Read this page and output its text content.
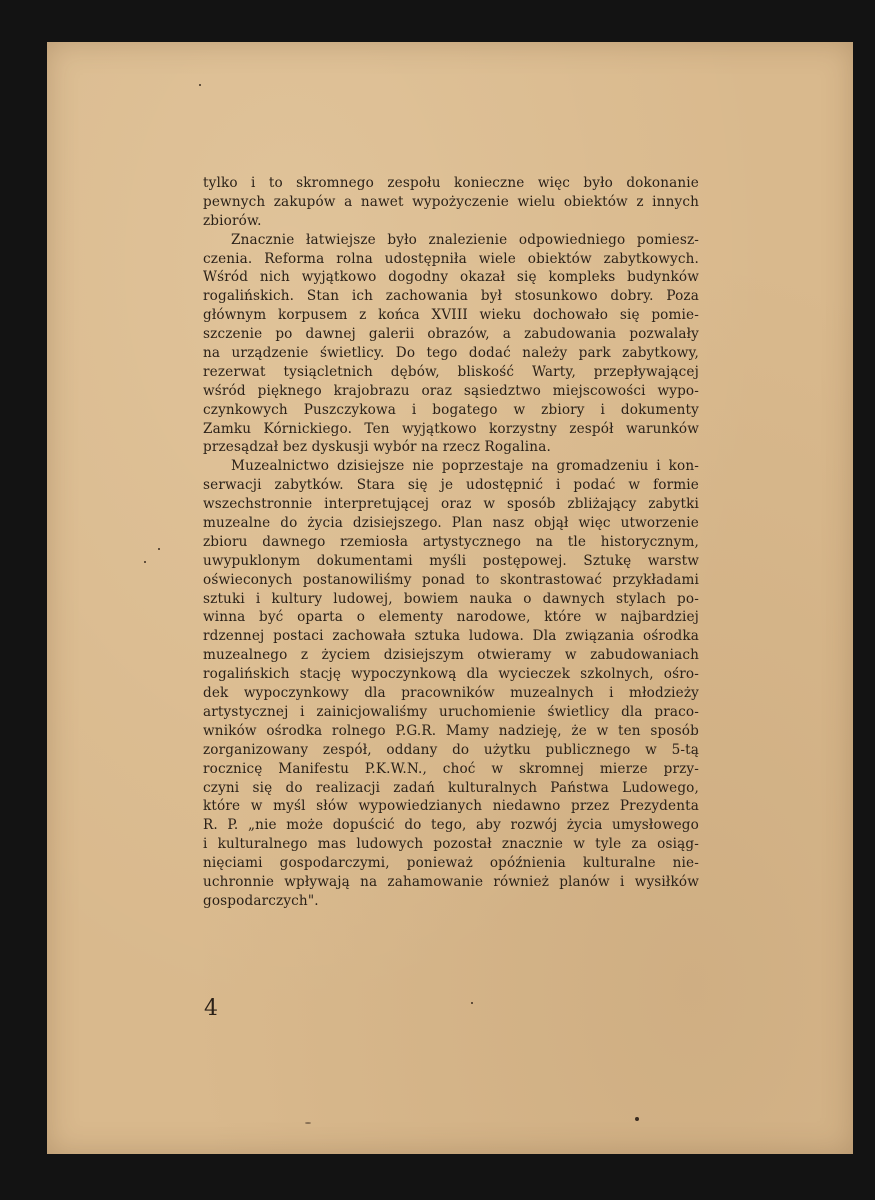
tylko i to skromnego zespołu konieczne więc było dokonanie
pewnych zakupów a nawet wypożyczenie wielu obiektów z innych
zbiorów.
Znacznie łatwiejsze było znalezienie odpowiedniego pomiesz-
czenia. Reforma rolna udostępniła wiele obiektów zabytkowych.
Wśród nich wyjątkowo dogodny okazał się kompleks budynków
rogalińskich. Stan ich zachowania był stosunkowo dobry. Poza
głównym korpusem z końca XVIII wieku dochowało się pomie-
szczenie po dawnej galerii obrazów, a zabudowania pozwalały
na urządzenie świetlicy. Do tego dodać należy park zabytkowy,
rezerwat tysiącletnich dębów, bliskość Warty, przepływającej
wśród pięknego krajobrazu oraz sąsiedztwo miejscowości wypo-
czynkowych Puszczykowa i bogatego w zbiory i dokumenty
Zamku Kórnickiego. Ten wyjątkowo korzystny zespół warunków
przesądzał bez dyskusji wybór na rzecz Rogalina.
Muzealnictwo dzisiejsze nie poprzestaje na gromadzeniu i kon-
serwacji zabytków. Stara się je udostępnić i podać w formie
wszechstronnie interpretującej oraz w sposób zbliżający zabytki
muzealne do życia dzisiejszego. Plan nasz objął więc utworzenie
zbioru dawnego rzemiosła artystycznego na tle historycznym,
uwypuklonym dokumentami myśli postępowej. Sztukę warstw
oświeconych postanowiliśmy ponad to skontrastować przykładami
sztuki i kultury ludowej, bowiem nauka o dawnych stylach po-
winna być oparta o elementy narodowe, które w najbardziej
rdzennej postaci zachowała sztuka ludowa. Dla związania ośrodka
muzealnego z życiem dzisiejszym otwieramy w zabudowaniach
rogalińskich stację wypoczynkową dla wycieczek szkolnych, ośro-
dek wypoczynkowy dla pracowników muzealnych i młodzieży
artystycznej i zainicjowaliśmy uruchomienie świetlicy dla praco-
wników ośrodka rolnego P.G.R. Mamy nadzieję, że w ten sposób
zorganizowany zespół, oddany do użytku publicznego w 5-tą
rocznicę Manifestu P.K.W.N., choć w skromnej mierze przy-
czyni się do realizacji zadań kulturalnych Państwa Ludowego,
które w myśl słów wypowiedzianych niedawno przez Prezydenta
R. P. „nie może dopuścić do tego, aby rozwój życia umysłowego
i kulturalnego mas ludowych pozostał znacznie w tyle za osiąg-
nięciami gospodarczymi, ponieważ opóźnienia kulturalne nie-
uchronnie wpływają na zahamowanie również planów i wysiłków
gospodarczych".
4
